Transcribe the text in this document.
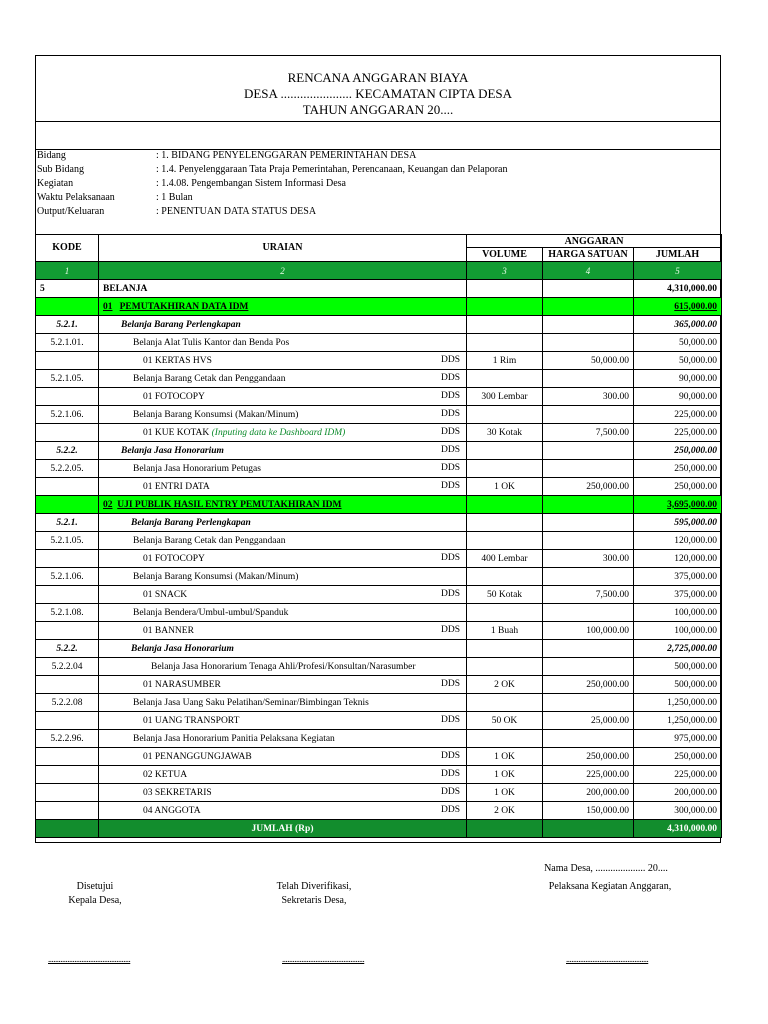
RENCANA ANGGARAN BIAYA
DESA ...................... KECAMATAN CIPTA DESA
TAHUN ANGGARAN 20....
Bidang	: 1. BIDANG PENYELENGGARAN PEMERINTAHAN DESA
Sub Bidang	: 1.4. Penyelenggaraan Tata Praja Pemerintahan, Perencanaan, Keuangan dan Pelaporan
Kegiatan	: 1.4.08. Pengembangan Sistem Informasi Desa
Waktu Pelaksanaan	: 1 Bulan
Output/Keluaran	: PENENTUAN DATA STATUS DESA
KODE	URAIAN	ANGGARAN		
		VOLUME	HARGA SATUAN	JUMLAH
1	2	3	4	5
5	BELANJA			4,310,000.00
	01 PEMUTAKHIRAN DATA IDM			615,000.00
5.2.1.	Belanja Barang Perlengkapan			365,000.00
5.2.1.01.	Belanja Alat Tulis Kantor dan Benda Pos			50,000.00
	01 KERTAS HVS DDS	1 Rim	50,000.00	50,000.00
5.2.1.05.	Belanja Barang Cetak dan Penggandaan DDS			90,000.00
	01 FOTOCOPY DDS	300 Lembar	300.00	90,000.00
5.2.1.06.	Belanja Barang Konsumsi (Makan/Minum) DDS			225,000.00
	01 KUE KOTAK (Inputing data ke Dashboard IDM) DDS	30 Kotak	7,500.00	225,000.00
5.2.2.	Belanja Jasa Honorarium DDS			250,000.00
5.2.2.05.	Belanja Jasa Honorarium Petugas DDS			250,000.00
	01 ENTRI DATA DDS	1 OK	250,000.00	250,000.00
	02 UJI PUBLIK HASIL ENTRY PEMUTAKHIRAN IDM			3,695,000.00
5.2.1.	Belanja Barang Perlengkapan			595,000.00
5.2.1.05.	Belanja Barang Cetak dan Penggandaan			120,000.00
	01 FOTOCOPY DDS	400 Lembar	300.00	120,000.00
5.2.1.06.	Belanja Barang Konsumsi (Makan/Minum)			375,000.00
	01 SNACK DDS	50 Kotak	7,500.00	375,000.00
5.2.1.08.	Belanja Bendera/Umbul-umbul/Spanduk			100,000.00
	01 BANNER DDS	1 Buah	100,000.00	100,000.00
5.2.2.	Belanja Jasa Honorarium			2,725,000.00
5.2.2.04	Belanja Jasa Honorarium Tenaga Ahli/Profesi/Konsultan/Narasumber			500,000.00
	01 NARASUMBER DDS	2 OK	250,000.00	500,000.00
5.2.2.08	Belanja Jasa Uang Saku Pelatihan/Seminar/Bimbingan Teknis			1,250,000.00
	01 UANG TRANSPORT DDS	50 OK	25,000.00	1,250,000.00
5.2.2.96.	Belanja Jasa Honorarium Panitia Pelaksana Kegiatan			975,000.00
	01 PENANGGUNGJAWAB DDS	1 OK	250,000.00	250,000.00
	02 KETUA DDS	1 OK	225,000.00	225,000.00
	03 SEKRETARIS DDS	1 OK	200,000.00	200,000.00
	04 ANGGOTA DDS	2 OK	150,000.00	300,000.00
	JUMLAH (Rp)			4,310,000.00
Nama Desa, .................... 20....
Disetujui
Kepala Desa,
Telah Diverifikasi,
Sekretaris Desa,
Pelaksana Kegiatan Anggaran,
...............................................	...............................................	...............................................
